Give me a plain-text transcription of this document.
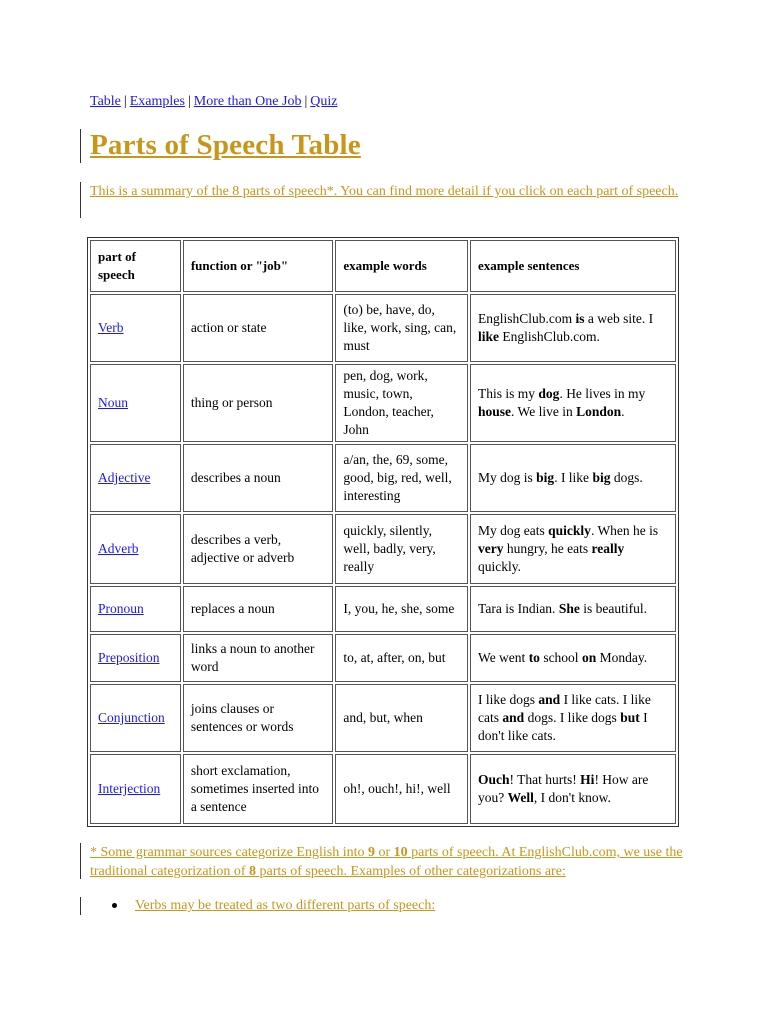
Table | Examples | More than One Job | Quiz
Parts of Speech Table
This is a summary of the 8 parts of speech*. You can find more detail if you click on each part of speech.
part of speech	function or "job"	example words	example sentences
Verb	action or state	(to) be, have, do, like, work, sing, can, must	EnglishClub.com is a web site. I like EnglishClub.com.
Noun	thing or person	pen, dog, work, music, town, London, teacher, John	This is my dog. He lives in my house. We live in London.
Adjective	describes a noun	a/an, the, 69, some, good, big, red, well, interesting	My dog is big. I like big dogs.
Adverb	describes a verb, adjective or adverb	quickly, silently, well, badly, very, really	My dog eats quickly. When he is very hungry, he eats really quickly.
Pronoun	replaces a noun	I, you, he, she, some	Tara is Indian. She is beautiful.
Preposition	links a noun to another word	to, at, after, on, but	We went to school on Monday.
Conjunction	joins clauses or sentences or words	and, but, when	I like dogs and I like cats. I like cats and dogs. I like dogs but I don't like cats.
Interjection	short exclamation, sometimes inserted into a sentence	oh!, ouch!, hi!, well	Ouch! That hurts! Hi! How are you? Well, I don't know.
* Some grammar sources categorize English into 9 or 10 parts of speech. At EnglishClub.com, we use the traditional categorization of 8 parts of speech. Examples of other categorizations are:
Verbs may be treated as two different parts of speech:
